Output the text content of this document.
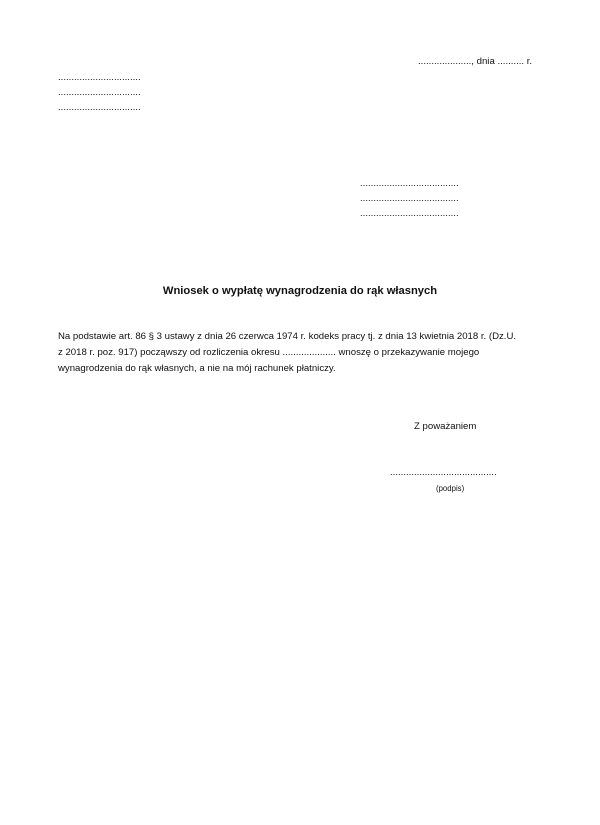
...................., dnia .......... r.
...............................
...............................
...............................
.....................................
.....................................
.....................................
Wniosek o wypłatę wynagrodzenia do rąk własnych
Na podstawie art. 86 § 3 ustawy z dnia 26 czerwca 1974 r. kodeks pracy tj. z dnia 13 kwietnia 2018 r. (Dz.U.
z 2018 r. poz. 917) począwszy od rozliczenia okresu .................... wnoszę o przekazywanie mojego
wynagrodzenia do rąk własnych, a nie na mój rachunek płatniczy.
Z poważaniem
........................................
(podpis)
